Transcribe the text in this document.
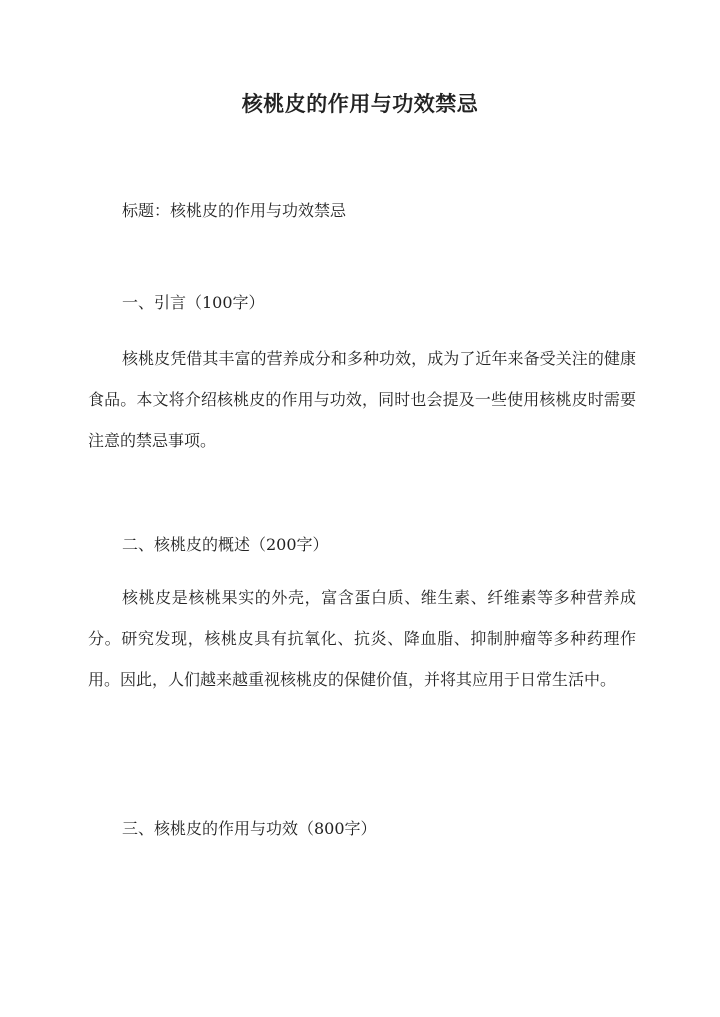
核桃皮的作用与功效禁忌

标题：核桃皮的作用与功效禁忌

一、引言（100字）

核桃皮凭借其丰富的营养成分和多种功效，成为了近年来备受关注的健康食品。本文将介绍核桃皮的作用与功效，同时也会提及一些使用核桃皮时需要注意的禁忌事项。

二、核桃皮的概述（200字）

核桃皮是核桃果实的外壳，富含蛋白质、维生素、纤维素等多种营养成分。研究发现，核桃皮具有抗氧化、抗炎、降血脂、抑制肿瘤等多种药理作用。因此，人们越来越重视核桃皮的保健价值，并将其应用于日常生活中。

三、核桃皮的作用与功效（800字）
